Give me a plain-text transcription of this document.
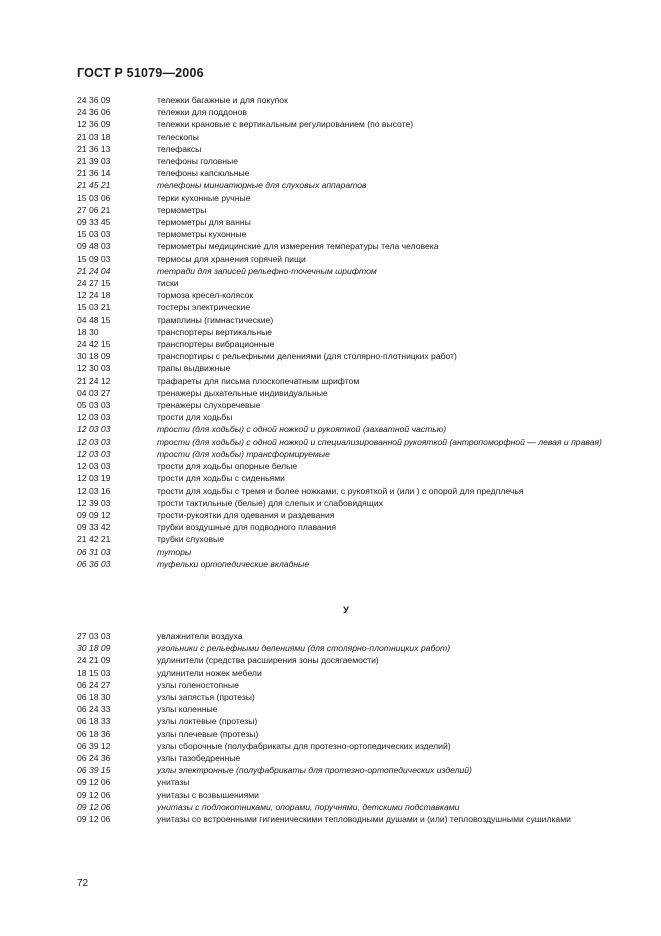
ГОСТ Р 51079—2006
24 36 09	тележки багажные и для покупок
24 36 06	тележки для поддонов
12 36 09	тележки крановые с вертикальным регулированием (по высоте)
21 03 18	телескопы
21 36 13	телефаксы
21 39 03	телефоны головные
21 36 14	телефоны капсюльные
21 45 21	телефоны миниатюрные для слуховых аппаратов
15 03 06	терки кухонные ручные
27 06 21	термометры
09 33 45	термометры для ванны
15 03 03	термометры кухонные
09 48 03	термометры медицинские для измерения температуры тела человека
15 09 03	термосы для хранения горячей пищи
21 24 04	тетради для записей рельефно-точечным шрифтом
24 27 15	тиски
12 24 18	тормоза кресел-колясок
15 03 21	тостеры электрические
04 48 15	трамплины (гимнастические)
18 30	транспортеры вертикальные
24 42 15	транспортеры вибрационные
30 18 09	транспортиры с рельефными делениями (для столярно-плотницких работ)
12 30 03	трапы выдвижные
21 24 12	трафареты для письма плоскопечатным шрифтом
04 03 27	тренажеры дыхательные индивидуальные
05 03 03	тренажеры слухоречевые
12 03 03	трости для ходьбы
12 03 03	трости (для ходьбы) с одной ножкой и рукояткой (захватной частью)
12 03 03	трости (для ходьбы) с одной ножкой и специализированной рукояткой (антропоморфной — левая и правая)
12 03 03	трости (для ходьбы) трансформируемые
12 03 03	трости для ходьбы опорные белые
12 03 19	трости для ходьбы с сиденьями
12 03 16	трости для ходьбы с тремя и более ножками, с рукояткой и (или ) с опорой для предплечья
12 39 03	трости тактильные (белые) для слепых и слабовидящих
09 09 12	трости-рукоятки для одевания и раздевания
09 33 42	трубки воздушные для подводного плавания
21 42 21	трубки слуховые
06 31 03	туторы
06 36 03	туфельки ортопедические вкладные
У
27 03 03	увлажнители воздуха
30 18 09	угольники с рельефными делениями (для столярно-плотницких работ)
24 21 09	удлинители (средства расширения зоны досягаемости)
18 15 03	удлинители ножек мебели
06 24 27	узлы голеностопные
06 18 30	узлы запястья (протезы)
06 24 33	узлы коленные
06 18 33	узлы локтевые (протезы)
06 18 36	узлы плечевые (протезы)
06 39 12	узлы сборочные (полуфабрикаты для протезно-ортопедических изделий)
06 24 36	узлы тазобедренные
06 39 15	узлы электронные (полуфабрикаты для протезно-ортопедических изделий)
09 12 06	унитазы
09 12 06	унитазы с возвышениями
09 12 06	унитазы с подлокотниками, опорами, поручнями, детскими подставками
09 12 06	унитазы со встроенными гигиеническими тепловодными душами и (или) тепловоздушными сушилками
72
